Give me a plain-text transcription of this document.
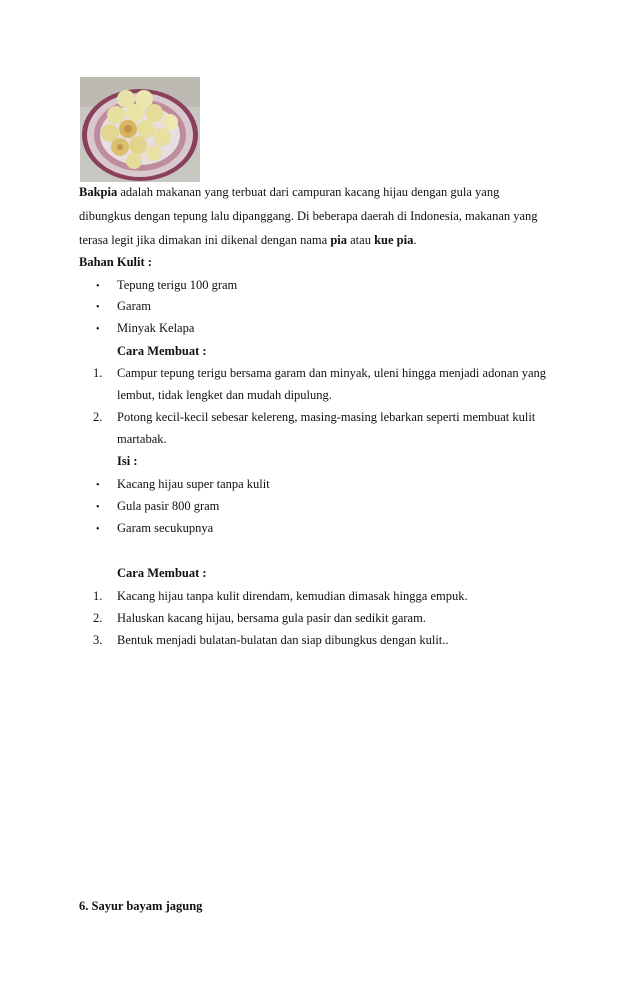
Bakpia adalah makanan yang terbuat dari campuran kacang hijau dengan gula yang
dibungkus dengan tepung lalu dipanggang. Di beberapa daerah di Indonesia, makanan yang
terasa legit jika dimakan ini dikenal dengan nama pia atau kue pia.
Bahan Kulit :
•	Tepung terigu 100 gram
•	Garam
•	Minyak Kelapa
Cara Membuat :
1. Campur tepung terigu bersama garam dan minyak, uleni hingga menjadi adonan yang
lembut, tidak lengket dan mudah dipulung.
2. Potong kecil-kecil sebesar kelereng, masing-masing lebarkan seperti membuat kulit
martabak.
Isi :
•	Kacang hijau super tanpa kulit
•	Gula pasir 800 gram
•	Garam secukupnya
Cara Membuat :
1. Kacang hijau tanpa kulit direndam, kemudian dimasak hingga empuk.
2. Haluskan kacang hijau, bersama gula pasir dan sedikit garam.
3. Bentuk menjadi bulatan-bulatan dan siap dibungkus dengan kulit..
6. Sayur bayam jagung
